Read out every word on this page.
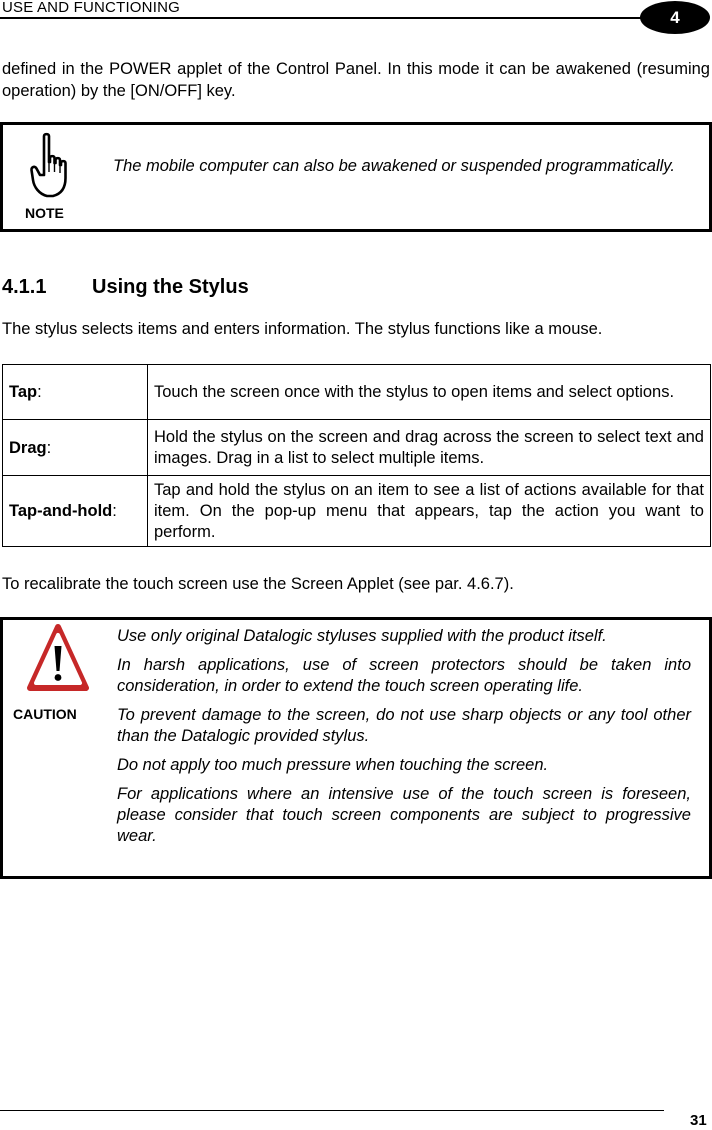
USE AND FUNCTIONING	4
defined in the POWER applet of the Control Panel. In this mode it can be awakened (resuming operation) by the [ON/OFF] key.
NOTE
The mobile computer can also be awakened or suspended programmatically.
4.1.1 Using the Stylus
The stylus selects items and enters information. The stylus functions like a mouse.
Tap:	Touch the screen once with the stylus to open items and select options.
Drag:	Hold the stylus on the screen and drag across the screen to select text and images. Drag in a list to select multiple items.
Tap-and-hold:	Tap and hold the stylus on an item to see a list of actions available for that item. On the pop-up menu that appears, tap the action you want to perform.
To recalibrate the touch screen use the Screen Applet (see par. 4.6.7).
CAUTION

Use only original Datalogic styluses supplied with the product itself.

In harsh applications, use of screen protectors should be taken into consideration, in order to extend the touch screen operating life.

To prevent damage to the screen, do not use sharp objects or any tool other than the Datalogic provided stylus.

Do not apply too much pressure when touching the screen.

For applications where an intensive use of the touch screen is foreseen, please consider that touch screen components are subject to progressive wear.

31
